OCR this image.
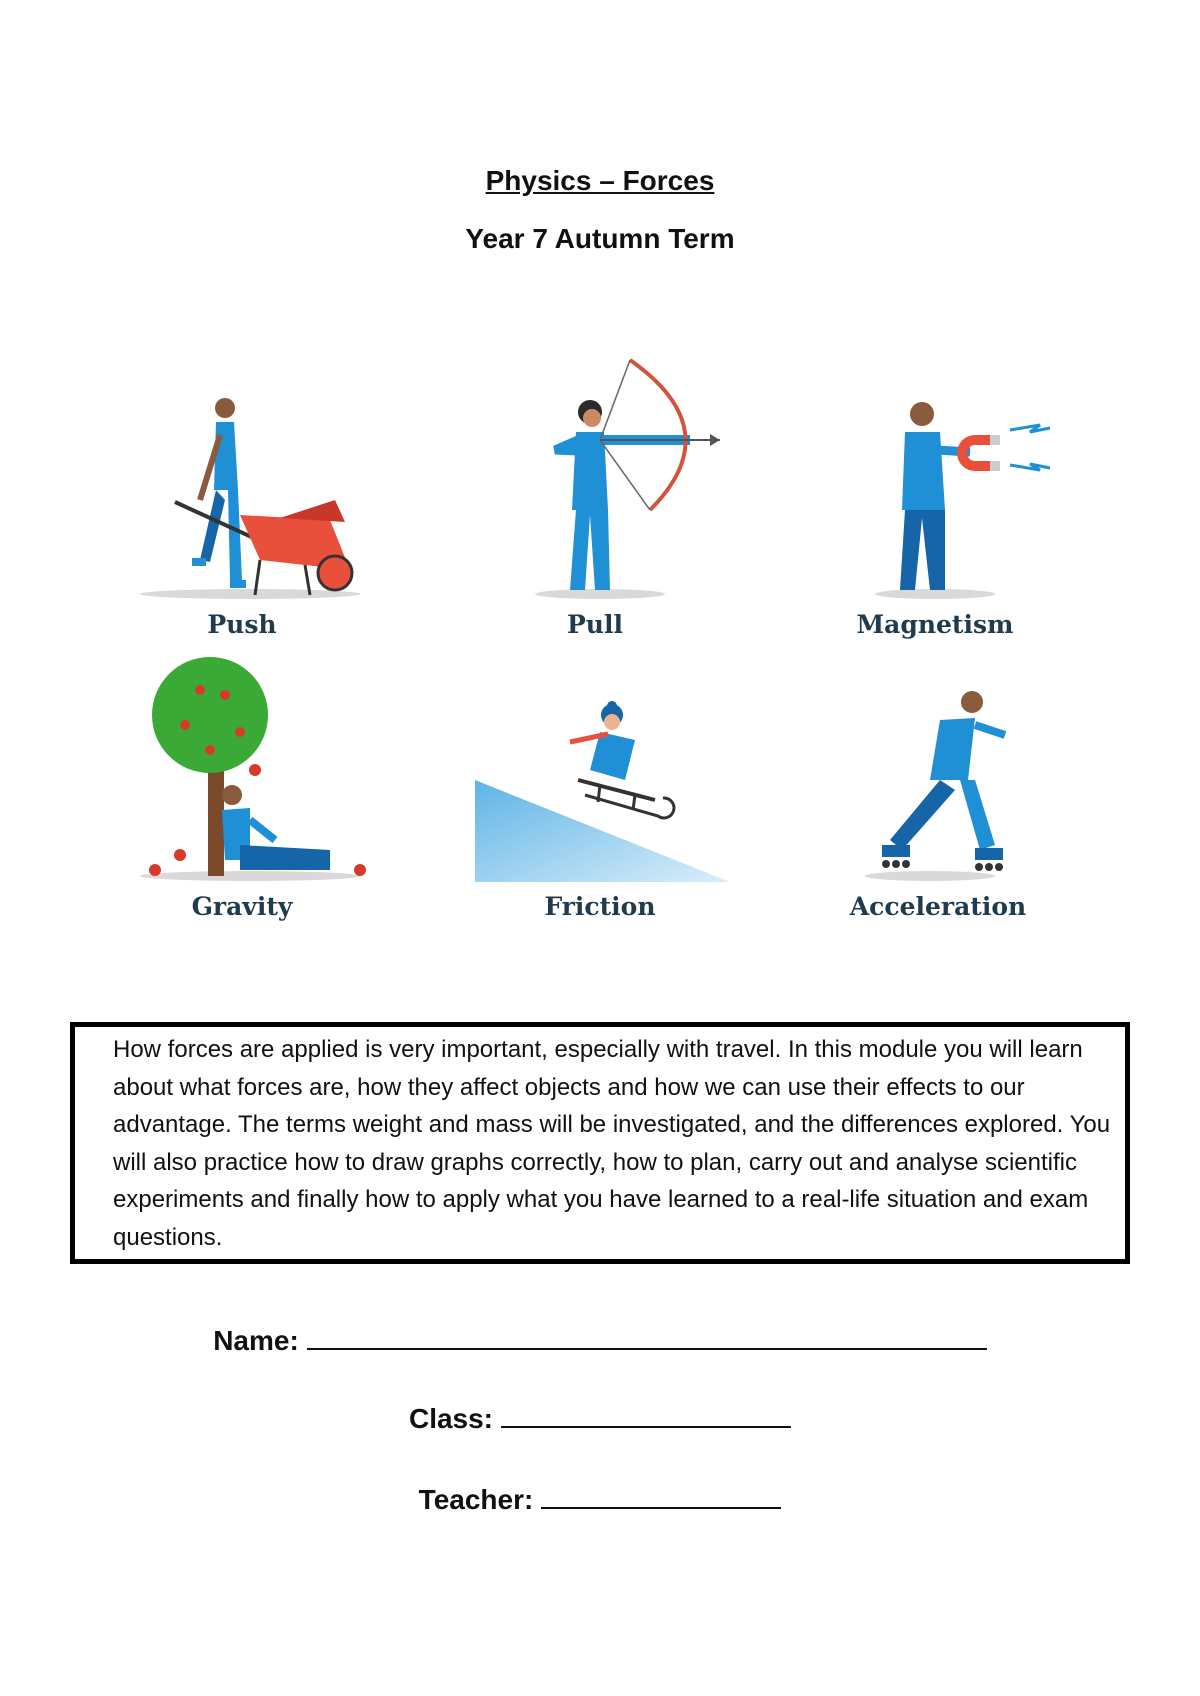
Physics – Forces
Year 7 Autumn Term
Push	Pull	Magnetism
Gravity	Friction	Acceleration

How forces are applied is very important, especially with travel. In this module you will learn about what forces are, how they affect objects and how we can use their effects to our advantage. The terms weight and mass will be investigated, and the differences explored. You will also practice how to draw graphs correctly, how to plan, carry out and analyse scientific experiments and finally how to apply what you have learned to a real-life situation and exam questions.

Name:
Class:
Teacher:
